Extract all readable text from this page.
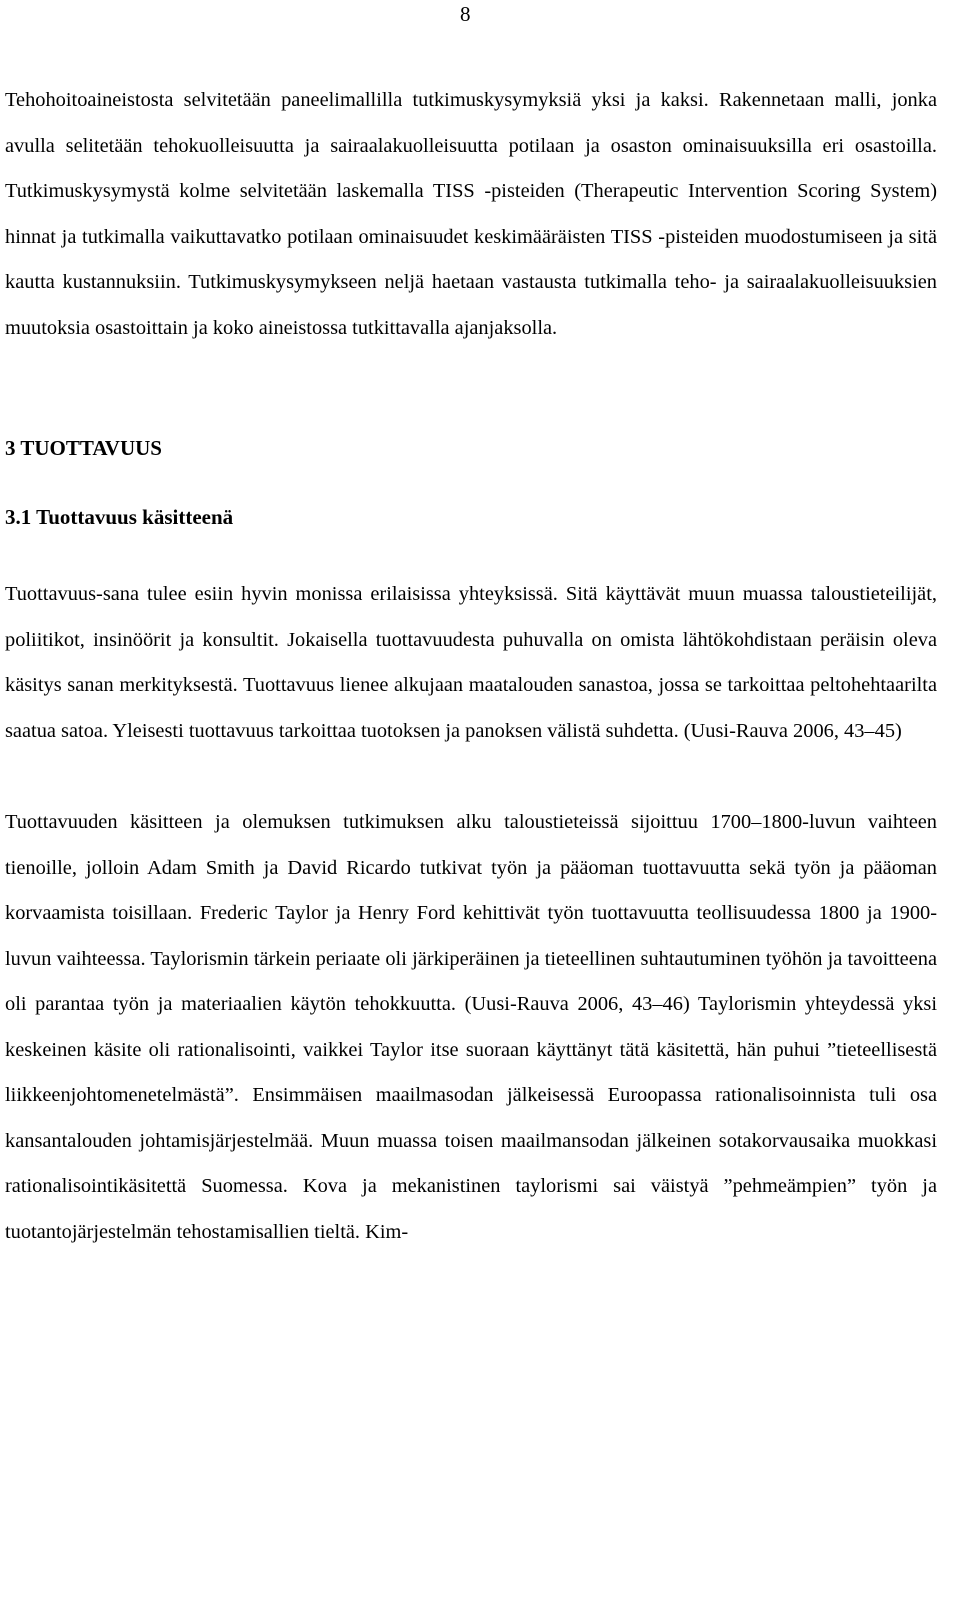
8

Tehohoitoaineistosta selvitetään paneelimallilla tutkimuskysymyksiä yksi ja kaksi. Rakennetaan malli, jonka avulla selitetään tehokuolleisuutta ja sairaalakuolleisuutta potilaan ja osaston ominaisuuksilla eri osastoilla. Tutkimuskysymystä kolme selvitetään laskemalla TISS -pisteiden (Therapeutic Intervention Scoring System) hinnat ja tutkimalla vaikuttavatko potilaan ominaisuudet keskimääräisten TISS -pisteiden muodostumiseen ja sitä kautta kustannuksiin. Tutkimuskysymykseen neljä haetaan vastausta tutkimalla teho- ja sairaalakuolleisuuksien muutoksia osastoittain ja koko aineistossa tutkittavalla ajanjaksolla.

3 TUOTTAVUUS
3.1 Tuottavuus käsitteenä

Tuottavuus-sana tulee esiin hyvin monissa erilaisissa yhteyksissä. Sitä käyttävät muun muassa taloustieteilijät, poliitikot, insinöörit ja konsultit. Jokaisella tuottavuudesta puhuvalla on omista lähtökohdistaan peräisin oleva käsitys sanan merkityksestä. Tuottavuus lienee alkujaan maatalouden sanastoa, jossa se tarkoittaa peltohehtaarilta saatua satoa. Yleisesti tuottavuus tarkoittaa tuotoksen ja panoksen välistä suhdetta. (Uusi-Rauva 2006, 43–45)

Tuottavuuden käsitteen ja olemuksen tutkimuksen alku taloustieteissä sijoittuu 1700–1800-luvun vaihteen tienoille, jolloin Adam Smith ja David Ricardo tutkivat työn ja pääoman tuottavuutta sekä työn ja pääoman korvaamista toisillaan. Frederic Taylor ja Henry Ford kehittivät työn tuottavuutta teollisuudessa 1800 ja 1900-luvun vaihteessa. Taylorismin tärkein periaate oli järkiperäinen ja tieteellinen suhtautuminen työhön ja tavoitteena oli parantaa työn ja materiaalien käytön tehokkuutta. (Uusi-Rauva 2006, 43–46) Taylorismin yhteydessä yksi keskeinen käsite oli rationalisointi, vaikkei Taylor itse suoraan käyttänyt tätä käsitettä, hän puhui ”tieteellisestä liikkeenjohtomenetelmästä”. Ensimmäisen maailmasodan jälkeisessä Euroopassa rationalisoinnista tuli osa kansantalouden johtamisjärjestelmää. Muun muassa toisen maailmansodan jälkeinen sotakorvausaika muokkasi rationalisointikäsitettä Suomessa. Kova ja mekanistinen taylorismi sai väistyä ”pehmeämpien” työn ja tuotantojärjestelmän tehostamisallien tieltä. Kim-
